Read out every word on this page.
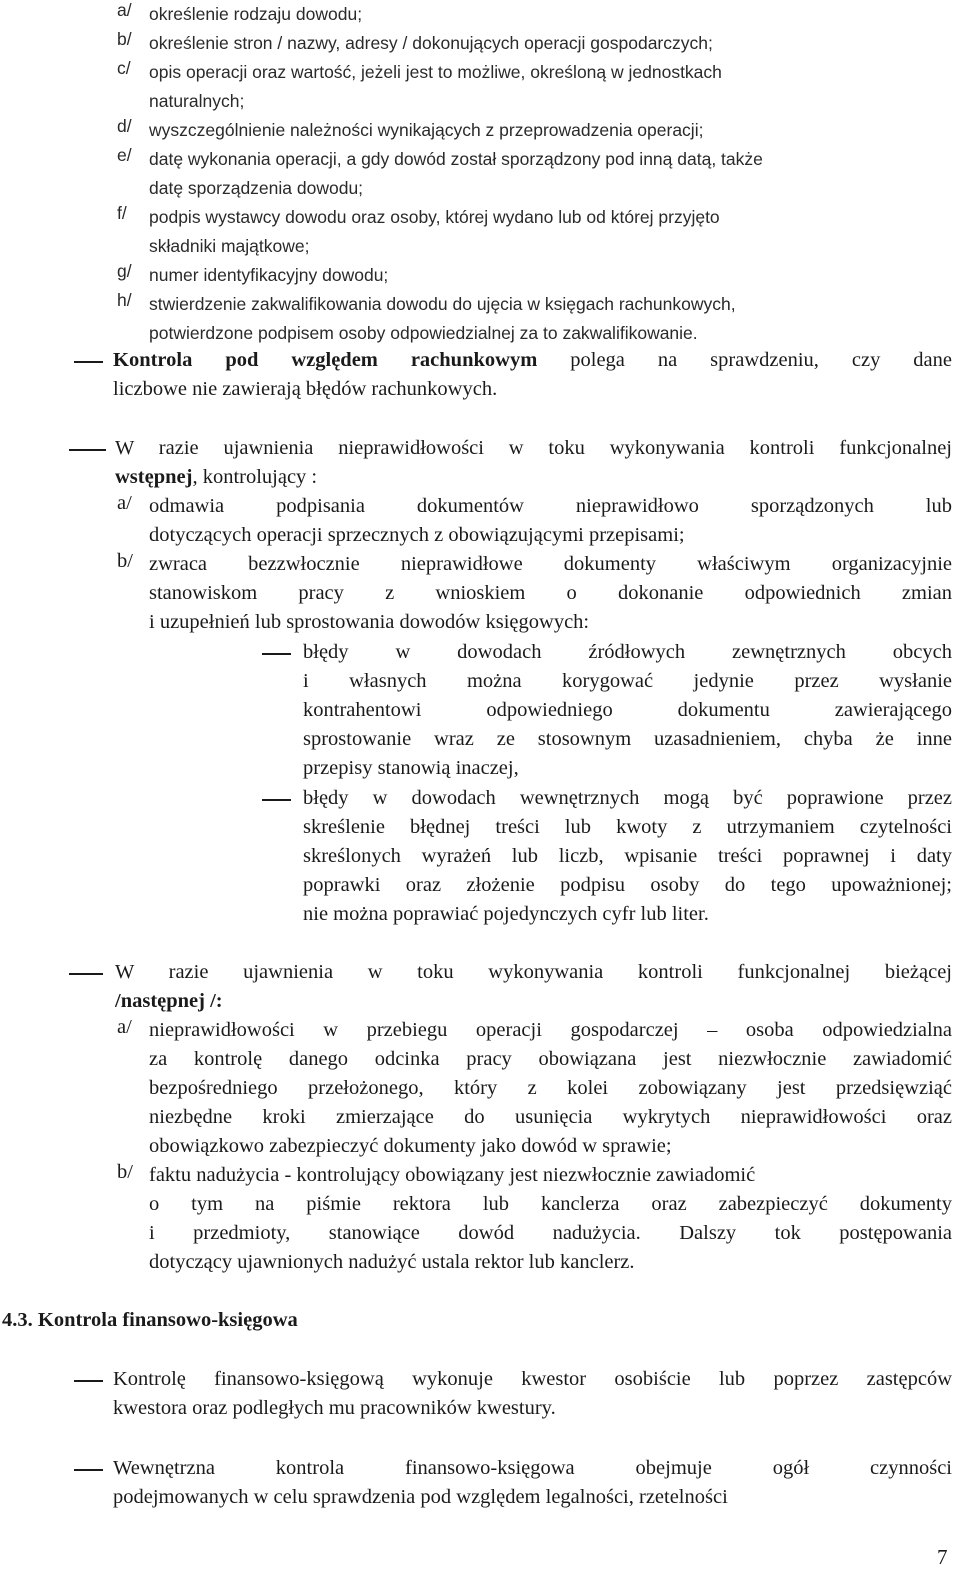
a/ określenie rodzaju dowodu;
b/ określenie stron / nazwy, adresy / dokonujących operacji gospodarczych;
c/	opis operacji oraz wartość, jeżeli jest to możliwe, określoną w jednostkach
naturalnych;
d/ wyszczególnienie należności wynikających z przeprowadzenia operacji;
e/ datę wykonania operacji, a gdy dowód został sporządzony pod inną datą, także
datę sporządzenia dowodu;
f/	podpis wystawcy dowodu oraz osoby, której wydano lub od której przyjęto
składniki majątkowe;
g/ numer identyfikacyjny dowodu;
h/ stwierdzenie zakwalifikowania dowodu do ujęcia w księgach rachunkowych,
potwierdzone podpisem osoby odpowiedzialnej za to zakwalifikowanie.
Kontrola pod względem rachunkowym polega na sprawdzeniu, czy dane
liczbowe nie zawierają błędów rachunkowych.
W razie ujawnienia nieprawidłowości w toku wykonywania kontroli funkcjonalnej
wstępnej, kontrolujący :
a/ odmawia podpisania dokumentów nieprawidłowo sporządzonych lub
dotyczących operacji sprzecznych z obowiązującymi przepisami;
b/ zwraca bezzwłocznie nieprawidłowe dokumenty właściwym organizacyjnie
stanowiskom pracy z wnioskiem o dokonanie odpowiednich zmian
i uzupełnień lub sprostowania dowodów księgowych:
błędy w dowodach źródłowych zewnętrznych obcych
i własnych można korygować jedynie przez wysłanie
kontrahentowi odpowiedniego dokumentu zawierającego
sprostowanie wraz ze stosownym uzasadnieniem, chyba że inne
przepisy stanowią inaczej,
błędy w dowodach wewnętrznych mogą być poprawione przez
skreślenie błędnej treści lub kwoty z utrzymaniem czytelności
skreślonych wyrażeń lub liczb, wpisanie treści poprawnej i daty
poprawki oraz złożenie podpisu osoby do tego upoważnionej;
nie można poprawiać pojedynczych cyfr lub liter.
W razie ujawnienia w toku wykonywania kontroli funkcjonalnej bieżącej
/następnej /:
a/ nieprawidłowości w przebiegu operacji gospodarczej – osoba odpowiedzialna
za kontrolę danego odcinka pracy obowiązana jest niezwłocznie zawiadomić
bezpośredniego przełożonego, który z kolei zobowiązany jest przedsięwziąć
niezbędne kroki zmierzające do usunięcia wykrytych nieprawidłowości oraz
obowiązkowo zabezpieczyć dokumenty jako dowód w sprawie;
b/ faktu nadużycia - kontrolujący obowiązany jest niezwłocznie zawiadomić
o tym na piśmie rektora lub kanclerza oraz zabezpieczyć dokumenty
i przedmioty, stanowiące dowód nadużycia. Dalszy tok postępowania
dotyczący ujawnionych nadużyć ustala rektor lub kanclerz.
4.3. Kontrola finansowo-księgowa
Kontrolę finansowo-księgową wykonuje kwestor osobiście lub poprzez zastępców
kwestora oraz podległych mu pracowników kwestury.
Wewnętrzna kontrola finansowo-księgowa obejmuje ogół czynności
podejmowanych w celu sprawdzenia pod względem legalności, rzetelności
7
